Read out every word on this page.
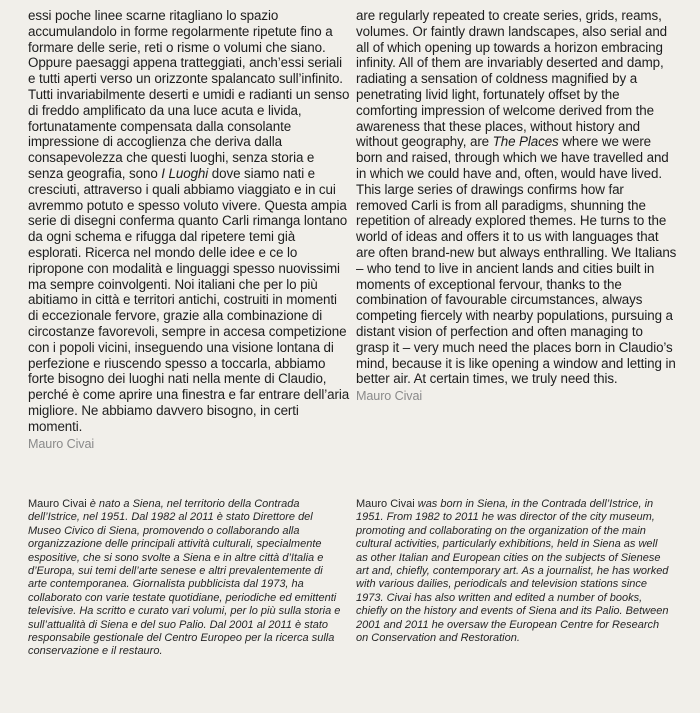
essi poche linee scarne ritagliano lo spazio accumulandolo in forme regolarmente ripetute fino a formare delle serie, reti o risme o volumi che siano. Oppure paesaggi appena tratteggiati, anch’essi seriali e tutti aperti verso un orizzonte spalancato sull’infinito. Tutti invariabilmente deserti e umidi e radianti un senso di freddo amplificato da una luce acuta e livida, fortunatamente compensata dalla consolante impressione di accoglienza che deriva dalla consapevolezza che questi luoghi, senza storia e senza geografia, sono I Luoghi dove siamo nati e cresciuti, attraverso i quali abbiamo viaggiato e in cui avremmo potuto e spesso voluto vivere. Questa ampia serie di disegni conferma quanto Carli rimanga lontano da ogni schema e rifugga dal ripetere temi già esplorati. Ricerca nel mondo delle idee e ce lo ripropone con modalità e linguaggi spesso nuovissimi ma sempre coinvolgenti. Noi italiani che per lo più abitiamo in città e territori antichi, costruiti in momenti di eccezionale fervore, grazie alla combinazione di circostanze favorevoli, sempre in accesa competizione con i popoli vicini, inseguendo una visione lontana di perfezione e riuscendo spesso a toccarla, abbiamo forte bisogno dei luoghi nati nella mente di Claudio, perché è come aprire una finestra e far entrare dell’aria migliore. Ne abbiamo davvero bisogno, in certi momenti.

Mauro Civai

are regularly repeated to create series, grids, reams, volumes. Or faintly drawn landscapes, also serial and all of which opening up towards a horizon embracing infinity. All of them are invariably deserted and damp, radiating a sensation of coldness magnified by a penetrating livid light, fortunately offset by the comforting impression of welcome derived from the awareness that these places, without history and without geography, are The Places where we were born and raised, through which we have travelled and in which we could have and, often, would have lived. This large series of drawings confirms how far removed Carli is from all paradigms, shunning the repetition of already explored themes. He turns to the world of ideas and offers it to us with languages that are often brand-new but always enthralling. We Italians – who tend to live in ancient lands and cities built in moments of exceptional fervour, thanks to the combination of favourable circumstances, always competing fiercely with nearby populations, pursuing a distant vision of perfection and often managing to grasp it – very much need the places born in Claudio’s mind, because it is like opening a window and letting in better air. At certain times, we truly need this.

Mauro Civai

Mauro Civai è nato a Siena, nel territorio della Contrada dell’Istrice, nel 1951. Dal 1982 al 2011 è stato Direttore del Museo Civico di Siena, promovendo o collaborando alla organizzazione delle principali attività culturali, specialmente espositive, che si sono svolte a Siena e in altre città d’Italia e d’Europa, sui temi dell’arte senese e altri prevalentemente di arte contemporanea. Giornalista pubblicista dal 1973, ha collaborato con varie testate quotidiane, periodiche ed emittenti televisive. Ha scritto e curato vari volumi, per lo più sulla storia e sull’attualità di Siena e del suo Palio. Dal 2001 al 2011 è stato responsabile gestionale del Centro Europeo per la ricerca sulla conservazione e il restauro.

Mauro Civai was born in Siena, in the Contrada dell’Istrice, in 1951. From 1982 to 2011 he was director of the city museum, promoting and collaborating on the organization of the main cultural activities, particularly exhibitions, held in Siena as well as other Italian and European cities on the subjects of Sienese art and, chiefly, contemporary art. As a journalist, he has worked with various dailies, periodicals and television stations since 1973. Civai has also written and edited a number of books, chiefly on the history and events of Siena and its Palio. Between 2001 and 2011 he oversaw the European Centre for Research on Conservation and Restoration.
